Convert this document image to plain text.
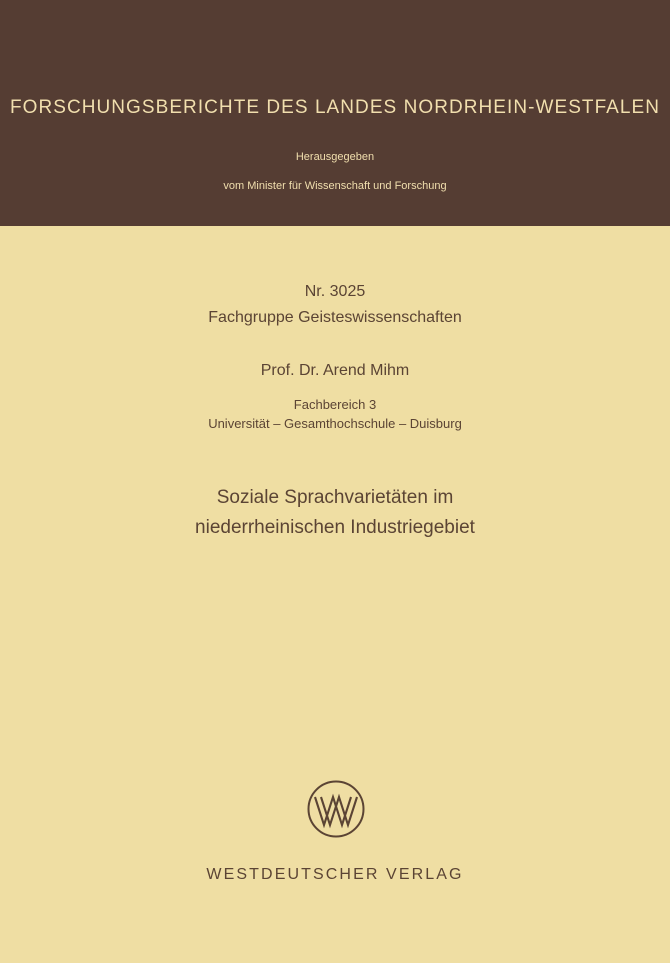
FORSCHUNGSBERICHTE DES LANDES NORDRHEIN-WESTFALEN
Herausgegeben
vom Minister für Wissenschaft und Forschung
Nr. 3025
Fachgruppe Geisteswissenschaften
Prof. Dr. Arend Mihm
Fachbereich 3
Universität – Gesamthochschule – Duisburg
Soziale Sprachvarietäten im
niederrheinischen Industriegebiet
WESTDEUTSCHER VERLAG
